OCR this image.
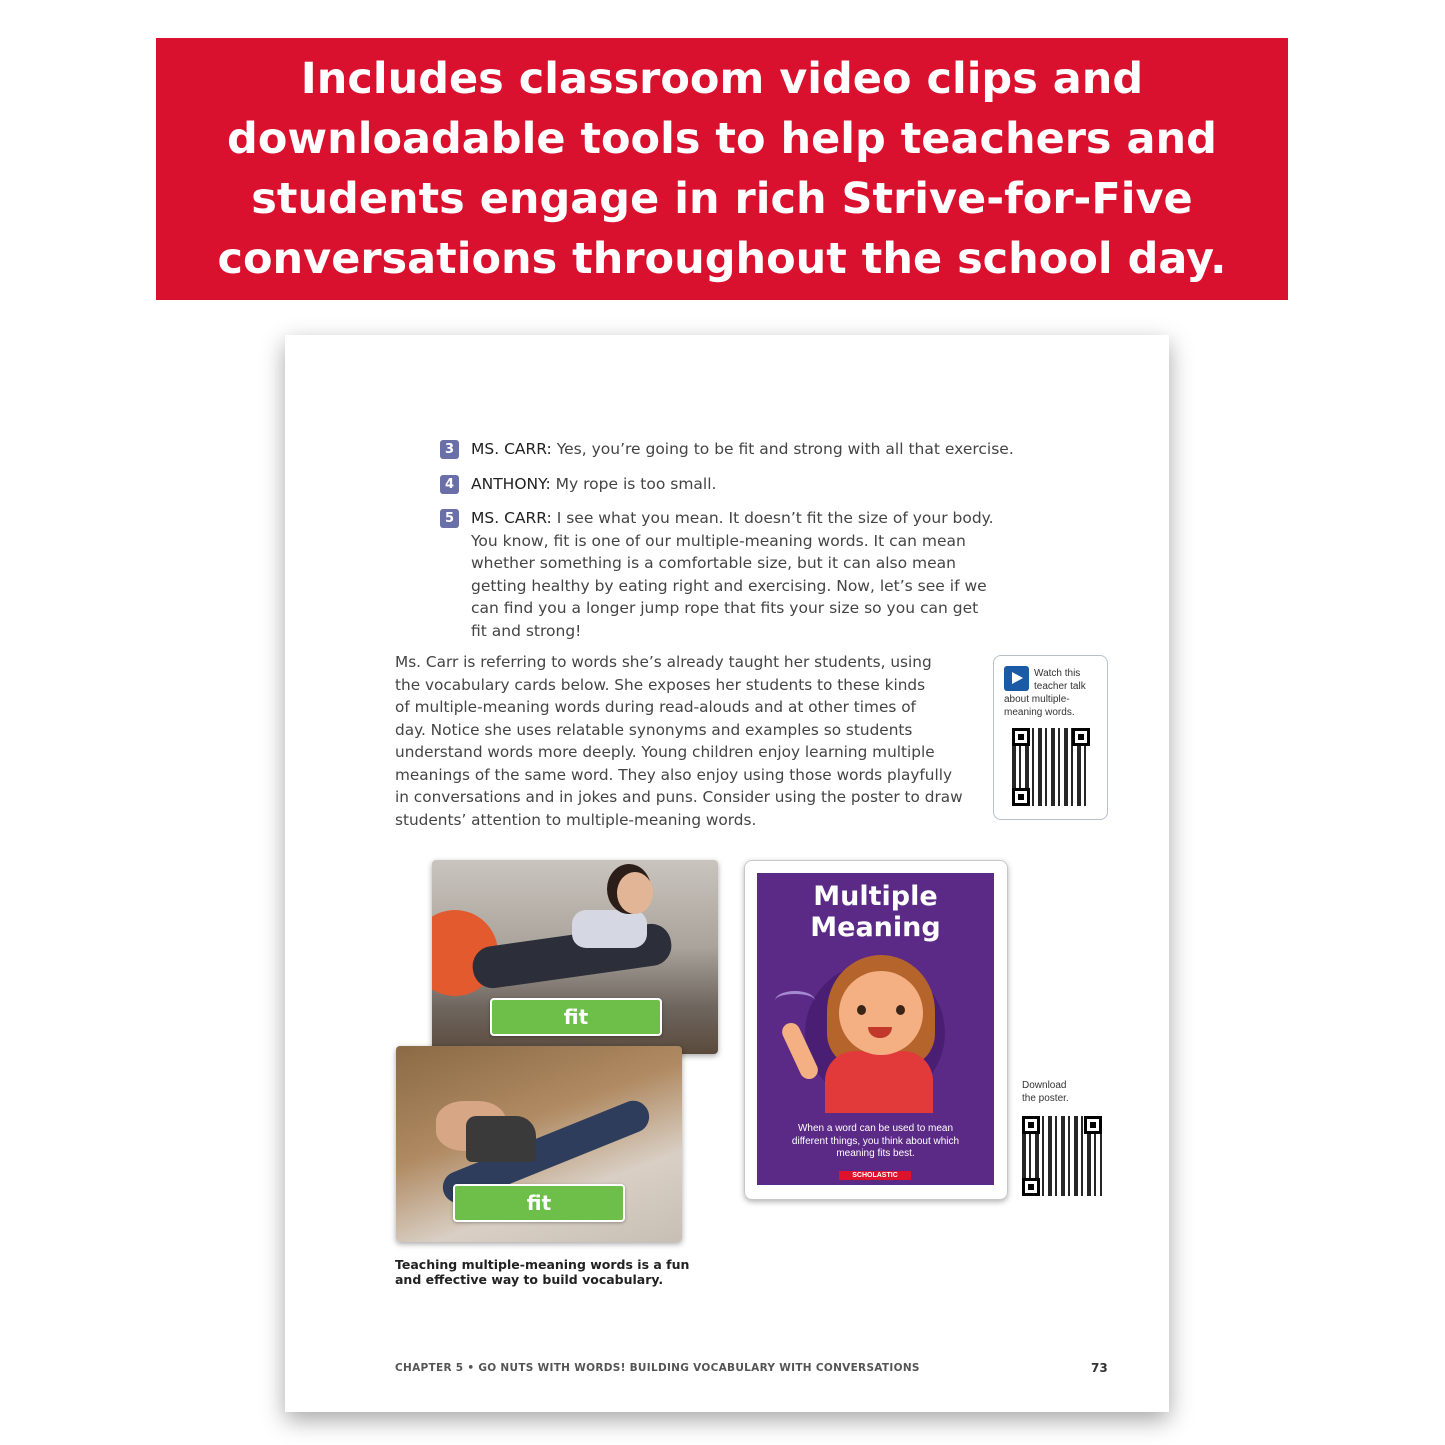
Includes classroom video clips and
downloadable tools to help teachers and
students engage in rich Strive-for-Five
conversations throughout the school day.

3	MS. CARR: Yes, you’re going to be fit and strong with all that exercise.
4	ANTHONY: My rope is too small.
5	MS. CARR: I see what you mean. It doesn’t fit the size of your body.
You know, fit is one of our multiple-meaning words. It can mean
whether something is a comfortable size, but it can also mean
getting healthy by eating right and exercising. Now, let’s see if we
can find you a longer jump rope that fits your size so you can get
fit and strong!

Ms. Carr is referring to words she’s already taught her students, using
the vocabulary cards below. She exposes her students to these kinds
of multiple-meaning words during read-alouds and at other times of
day. Notice she uses relatable synonyms and examples so students
understand words more deeply. Young children enjoy learning multiple
meanings of the same word. They also enjoy using those words playfully
in conversations and in jokes and puns. Consider using the poster to draw
students’ attention to multiple-meaning words.

Watch this
teacher talk
about multiple-
meaning words.
fit
fit

Teaching multiple-meaning words is a fun
and effective way to build vocabulary.

Multiple
Meaning

When a word can be used to mean
different things, you think about which
meaning fits best.

SCHOLASTIC

Download
the poster.

CHAPTER 5 • GO NUTS WITH WORDS! BUILDING VOCABULARY WITH CONVERSATIONS	73
